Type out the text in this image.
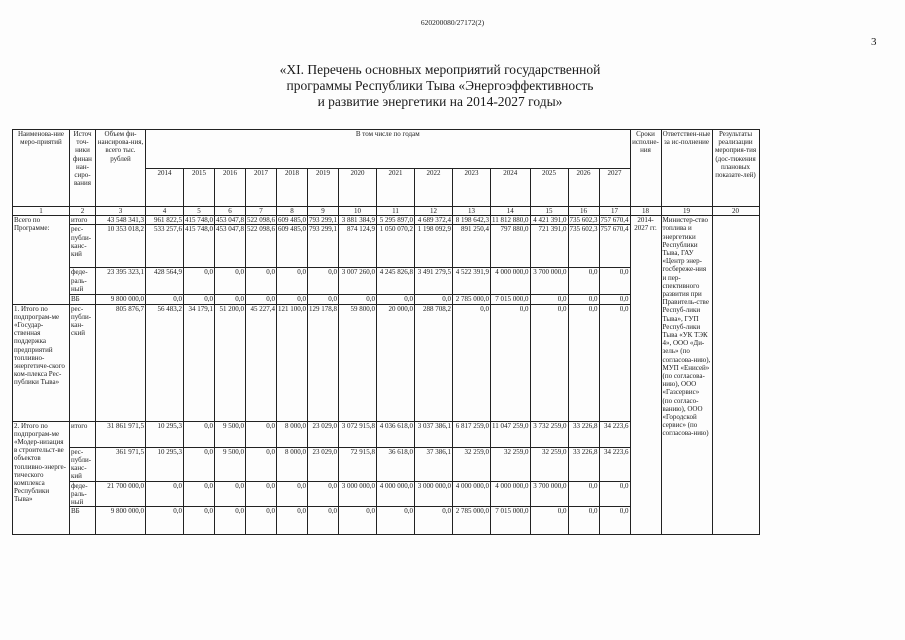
620200080/27172(2)
3
«XI. Перечень основных мероприятий государственной
программы Республики Тыва «Энергоэффективность
и развитие энергетики на 2014-2027 годы»
Наименова-ние меро-приятий	Источ точ-ники финан нан-сиро-вания	Объем фи-нансирова-ния, всего тыс. рублей	В том числе по годам														Сроки исполне-ния	Ответствен-ные за ис-полнение	Результаты реализации мероприя-тия (дос-тижения плановых показате-лей)
			2014	2015	2016	2017	2018	2019	2020	2021	2022	2023	2024	2025	2026	2027			
1	2	3	4	5	6	7	8	9	10	11	12	13	14	15	16	17	18	19	20
Всего по Программе:	итого	43 548 341,3	961 822,5	415 748,0	453 047,8	522 098,6	609 485,0	793 299,1	3 881 384,9	5 295 897,0	4 689 372,4	8 198 642,3	11 812 880,0	4 421 391,0	735 602,3	757 670,4	2014-2027 гг.	Министер-ство топлива и энергетики Республики Тыва, ГАУ «Центр энер-госбереже-ния и пер-спективного развития при Правитель-стве Респуб-лики Тыва», ГУП Респуб-лики Тыва «УК ТЭК 4», ООО «Ди-зель» (по согласова-нию), МУП «Енисей» (по согласова-нию), ООО «Газсервис» (по согласо-ванию), ООО «Городской сервис» (по согласова-нию)	
	рес-публи-канс-кий	10 353 018,2	533 257,6	415 748,0	453 047,8	522 098,6	609 485,0	793 299,1	874 124,9	1 050 070,2	1 198 092,9	891 250,4	797 880,0	721 391,0	735 602,3	757 670,4			
	феде-раль-ный	23 395 323,1	428 564,9	0,0	0,0	0,0	0,0	0,0	3 007 260,0	4 245 826,8	3 491 279,5	4 522 391,9	4 000 000,0	3 700 000,0	0,0	0,0			
	ВБ	9 800 000,0	0,0	0,0	0,0	0,0	0,0	0,0	0,0	0,0	0,0	2 785 000,0	7 015 000,0	0,0	0,0	0,0			
1. Итого по подпрограм-ме «Государ-ственная поддержка предприятий топливно-энергетиче-ского ком-плекса Рес-публики Тыва»	рес-публи-кан-ский	805 876,7	56 483,2	34 179,1	51 200,0	45 227,4	121 100,0	129 178,8	59 800,0	20 000,0	288 708,2	0,0	0,0	0,0	0,0	0,0			
2. Итого по подпрограм-ме «Модер-низация в строительст-ве объектов топливно-энерге-тического комплекса Республики Тыва»	итого	31 861 971,5	10 295,3	0,0	9 500,0	0,0	8 000,0	23 029,0	3 072 915,8	4 036 618,0	3 037 386,1	6 817 259,0	11 047 259,0	3 732 259,0	33 226,8	34 223,6			
	рес-публи-канс-кий	361 971,5	10 295,3	0,0	9 500,0	0,0	8 000,0	23 029,0	72 915,8	36 618,0	37 386,1	32 259,0	32 259,0	32 259,0	33 226,8	34 223,6			
	феде-раль-ный	21 700 000,0	0,0	0,0	0,0	0,0	0,0	0,0	3 000 000,0	4 000 000,0	3 000 000,0	4 000 000,0	4 000 000,0	3 700 000,0	0,0	0,0			
	ВБ	9 800 000,0	0,0	0,0	0,0	0,0	0,0	0,0	0,0	0,0	0,0	2 785 000,0	7 015 000,0	0,0	0,0	0,0			
